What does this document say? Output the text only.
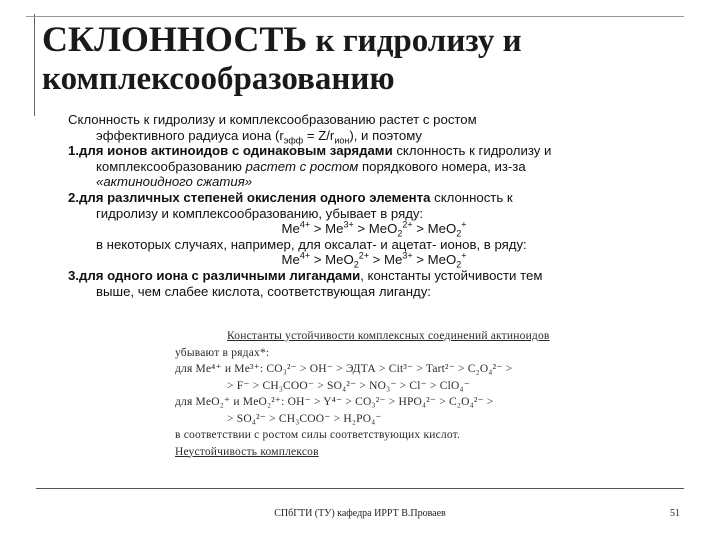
СКЛОННОСТЬ к гидролизу и
комплексообразованию

Склонность к гидролизу и комплексообразованию растет с ростом

эффективного радиуса иона $(r_{эфф} = Z/r_{ион})$, и поэтому

1.для ионов актиноидов с одинаковым зарядами склонность к гидролизу и

комплексообразованию растет с ростом порядкового номера, из-за

«актиноидного сжатия»

2.для различных степеней окисления одного элемента склонность к

гидролизу и комплексообразованию, убывает в ряду:

$Me^{4+} > Me^{3+} > MeO_2^{2+} > MeO_2^+$

в некоторых случаях, например, для оксалат- и ацетат- ионов, в ряду:

$Me^{4+} > MeO_2^{2+} > Me^{3+} > MeO_2^+$

3.для одного иона с различными лигандами, константы устойчивости тем

выше, чем слабее кислота, соответствующая лиганду:

Константы устойчивости комплексных соединений актиноидов

убывают в рядах*:

для Me⁴⁺ и Me³⁺: CO₃²⁻ > OH⁻ > ЭДТА > Cit³⁻ > Tart²⁻ > C₂O₄²⁻ >

> F⁻ > CH₃COO⁻ > SO₄²⁻ > NO₃⁻ > Cl⁻ > ClO₄⁻

для MeO₂⁺ и MeO₂²⁺: OH⁻ > Y⁴⁻ > CO₃²⁻ > HPO₄²⁻ > C₂O₄²⁻ >

> SO₄²⁻ > CH₃COO⁻ > H₂PO₄⁻

в соответствии с ростом силы соответствующих кислот.

Неустойчивость комплексов

СПбГТИ (ТУ) кафедра ИРРТ В.Проваев	51
